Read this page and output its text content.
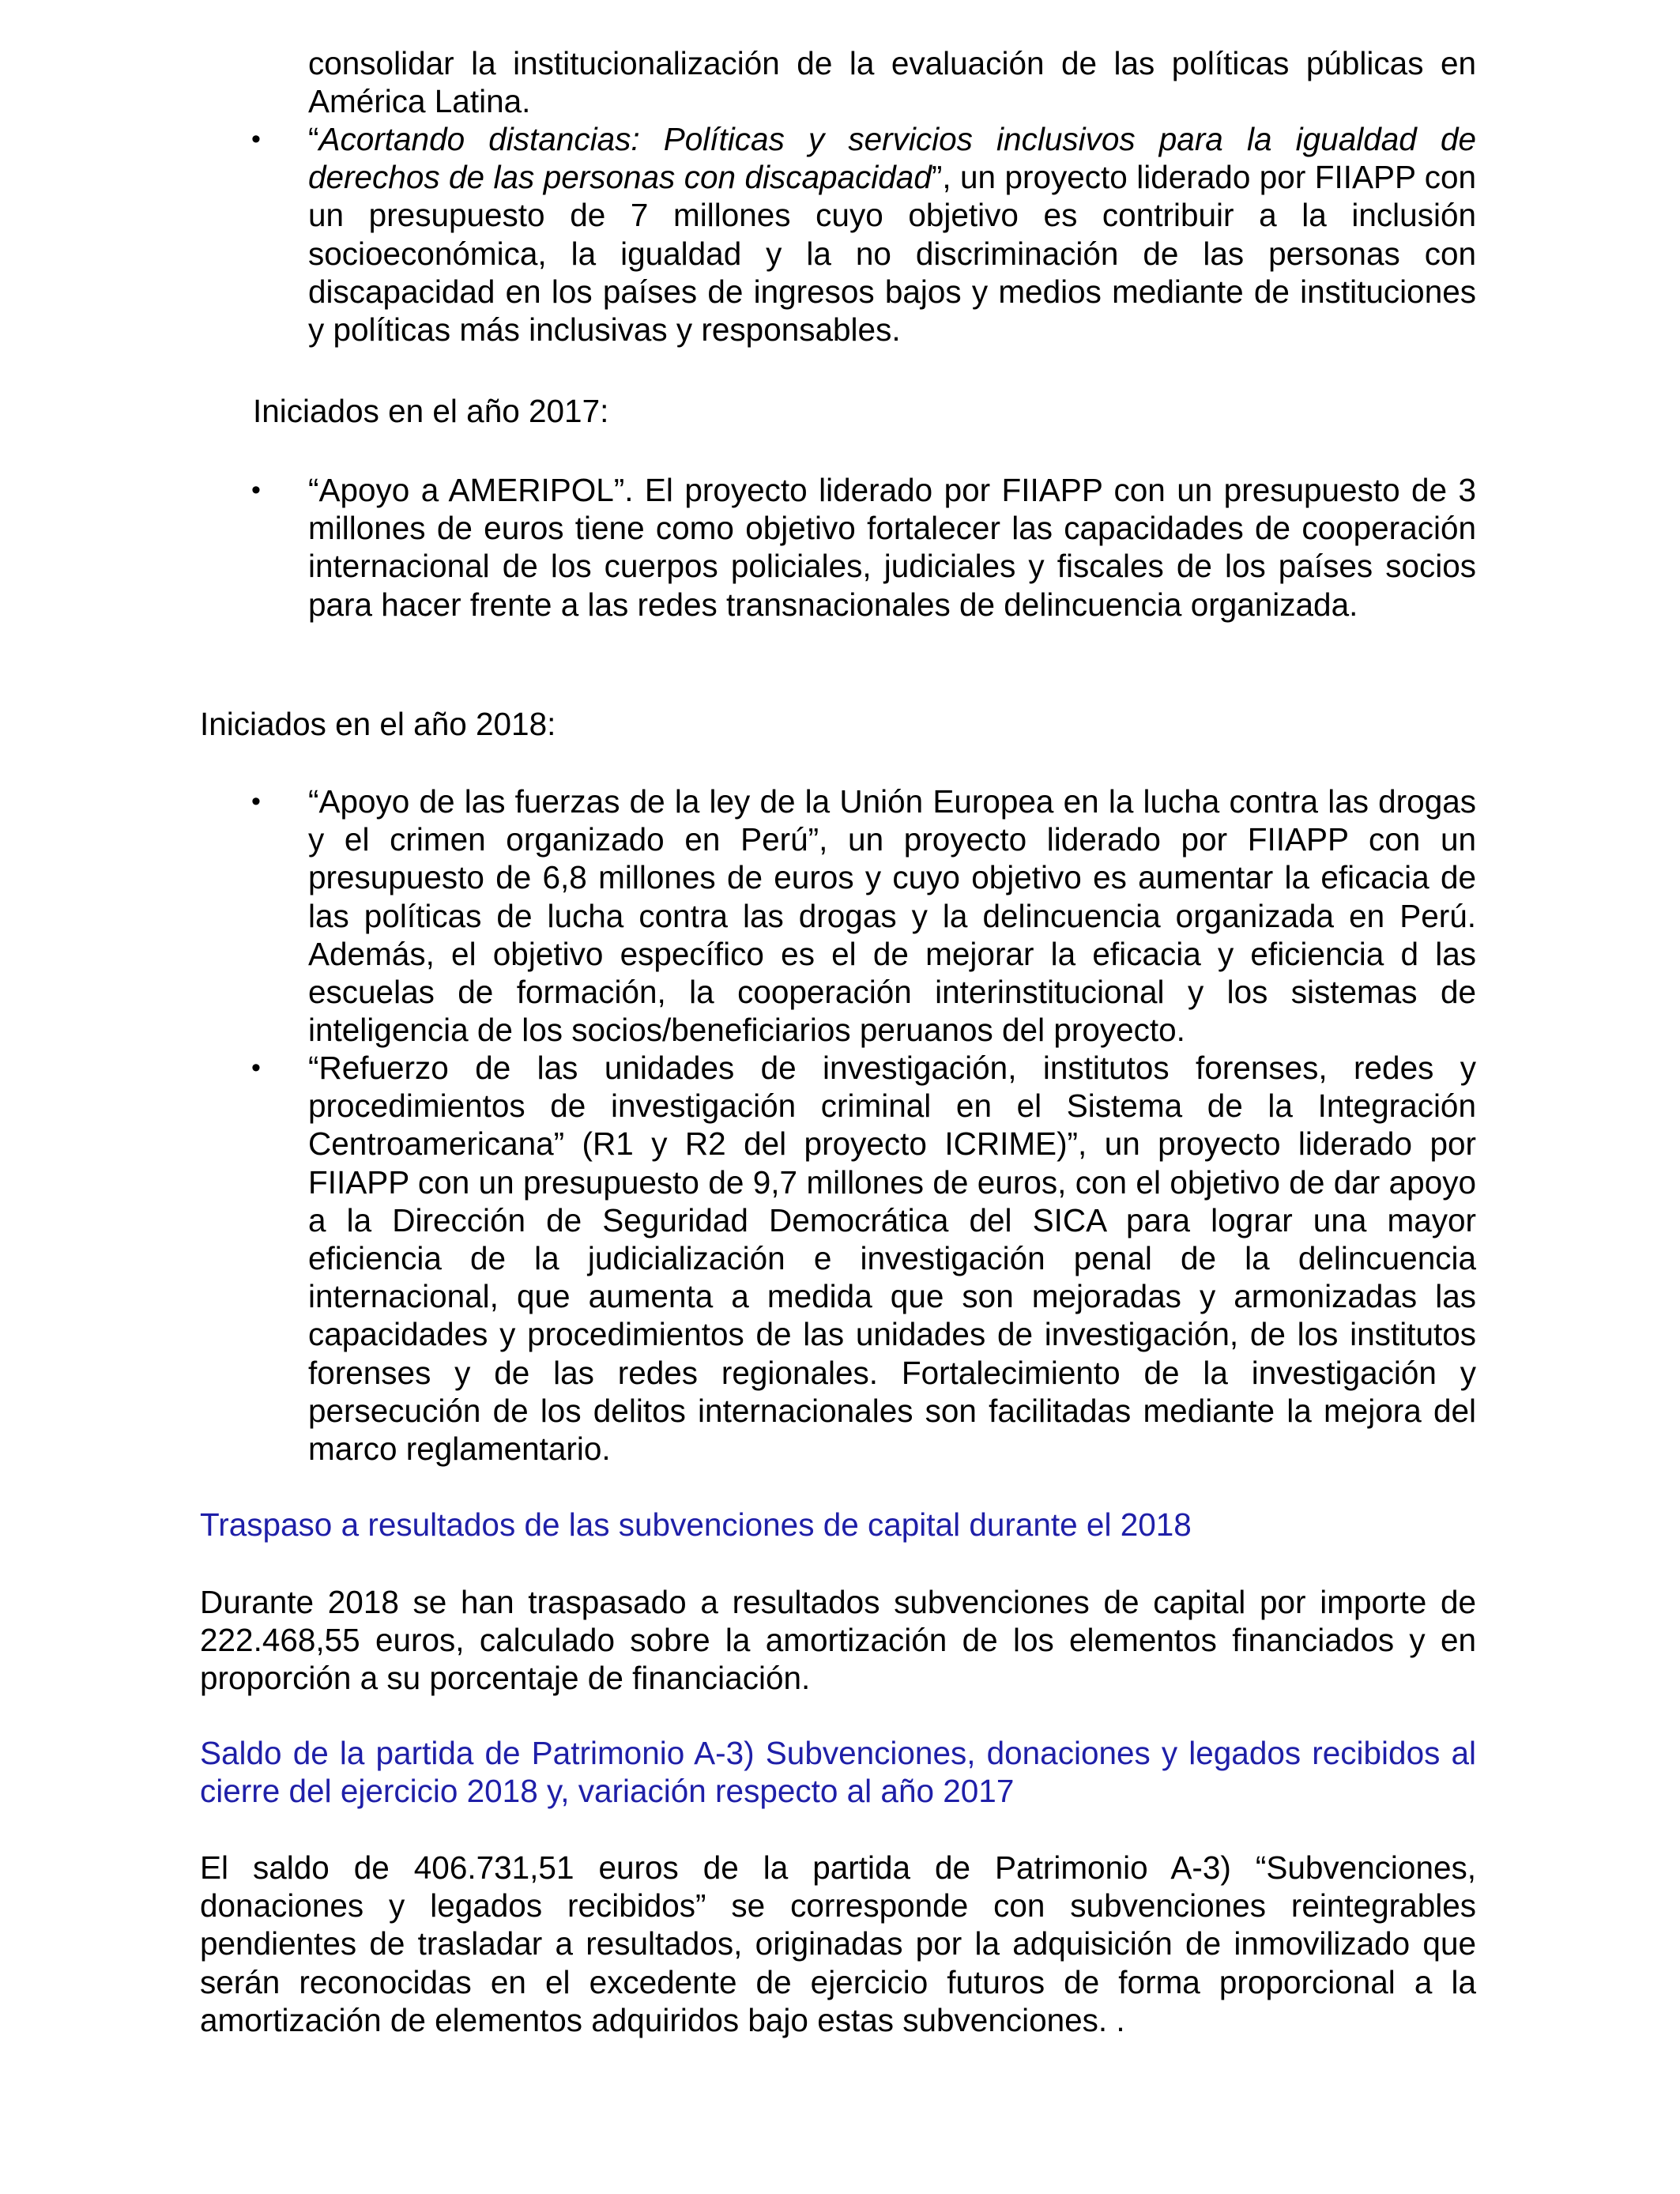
consolidar la institucionalización de la evaluación de las políticas públicas en América Latina.
• “Acortando distancias: Políticas y servicios inclusivos para la igualdad de derechos de las personas con discapacidad”, un proyecto liderado por FIIAPP con un presupuesto de 7 millones cuyo objetivo es contribuir a la inclusión socioeconómica, la igualdad y la no discriminación de las personas con discapacidad en los países de ingresos bajos y medios mediante de instituciones y políticas más inclusivas y responsables.
Iniciados en el año 2017:
• “Apoyo a AMERIPOL”. El proyecto liderado por FIIAPP con un presupuesto de 3 millones de euros tiene como objetivo fortalecer las capacidades de cooperación internacional de los cuerpos policiales, judiciales y fiscales de los países socios para hacer frente a las redes transnacionales de delincuencia organizada.
Iniciados en el año 2018:
• “Apoyo de las fuerzas de la ley de la Unión Europea en la lucha contra las drogas y el crimen organizado en Perú”, un proyecto liderado por FIIAPP con un presupuesto de 6,8 millones de euros y cuyo objetivo es aumentar la eficacia de las políticas de lucha contra las drogas y la delincuencia organizada en Perú. Además, el objetivo específico es el de mejorar la eficacia y eficiencia d las escuelas de formación, la cooperación interinstitucional y los sistemas de inteligencia de los socios/beneficiarios peruanos del proyecto.
• “Refuerzo de las unidades de investigación, institutos forenses, redes y procedimientos de investigación criminal en el Sistema de la Integración Centroamericana” (R1 y R2 del proyecto ICRIME)”, un proyecto liderado por FIIAPP con un presupuesto de 9,7 millones de euros, con el objetivo de dar apoyo a la Dirección de Seguridad Democrática del SICA para lograr una mayor eficiencia de la judicialización e investigación penal de la delincuencia internacional, que aumenta a medida que son mejoradas y armonizadas las capacidades y procedimientos de las unidades de investigación, de los institutos forenses y de las redes regionales. Fortalecimiento de la investigación y persecución de los delitos internacionales son facilitadas mediante la mejora del marco reglamentario.
Traspaso a resultados de las subvenciones de capital durante el 2018
Durante 2018 se han traspasado a resultados subvenciones de capital por importe de 222.468,55 euros, calculado sobre la amortización de los elementos financiados y en proporción a su porcentaje de financiación.
Saldo de la partida de Patrimonio A-3) Subvenciones, donaciones y legados recibidos al cierre del ejercicio 2018 y, variación respecto al año 2017
El saldo de 406.731,51 euros de la partida de Patrimonio A-3) “Subvenciones, donaciones y legados recibidos” se corresponde con subvenciones reintegrables pendientes de trasladar a resultados, originadas por la adquisición de inmovilizado que serán reconocidas en el excedente de ejercicio futuros de forma proporcional a la amortización de elementos adquiridos bajo estas subvenciones. .
